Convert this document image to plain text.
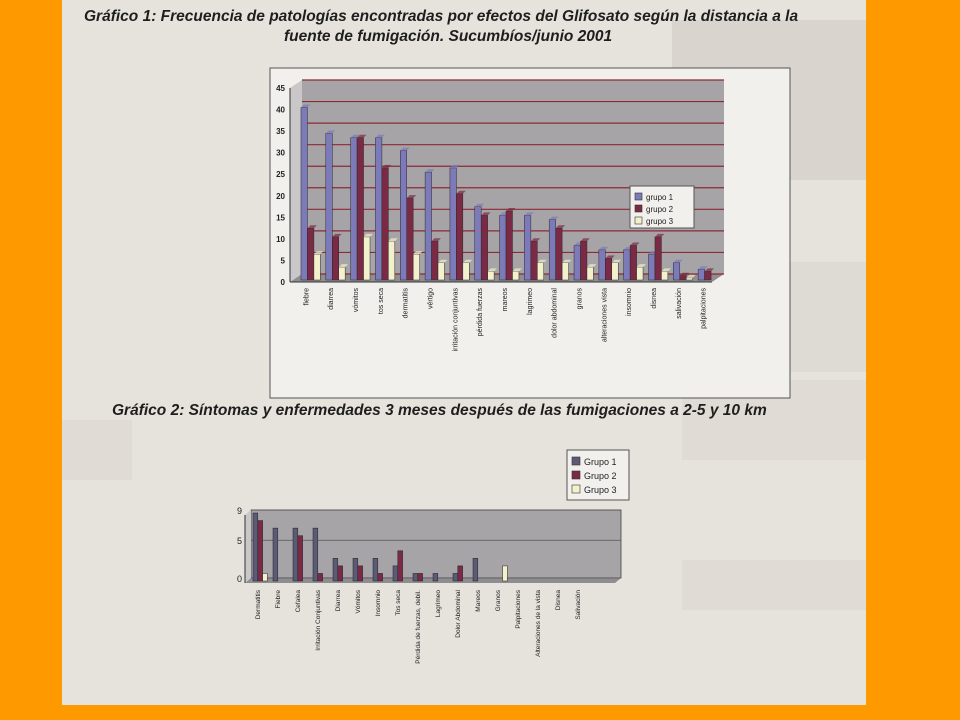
Gráfico 1: Frecuencia de patologías encontradas por efectos del Glifosato según la distancia a la
fuente de fumigación. Sucumbíos/junio 2001
Gráfico 2: Síntomas y enfermedades 3 meses después de las fumigaciones a 2-5 y 10 km
0
5
10
15
20
25
30
35
40
45
fiebre	diarrea	vómitos	tos seca	dermatitis	vértigo	irritación conjuntivas	pérdida fuerzas	mareos	lagrimeo	dolor abdominal	granos	alteraciones vista	insomnio	disnea	salivación	palpitaciones
grupo 1
grupo 2
grupo 3
0
5
9
Dermatitis Fiebre Cefalea Irritación Conjuntivas Diarrea Vómitos Insomnio Tos seca Pérdida de fuerzas, debil. Lagrimeo Dolor Abdominal Mareos Granos Palpitaciones Alteraciones de la vista Disnea Salivación
Grupo 1
Grupo 2
Grupo 3
